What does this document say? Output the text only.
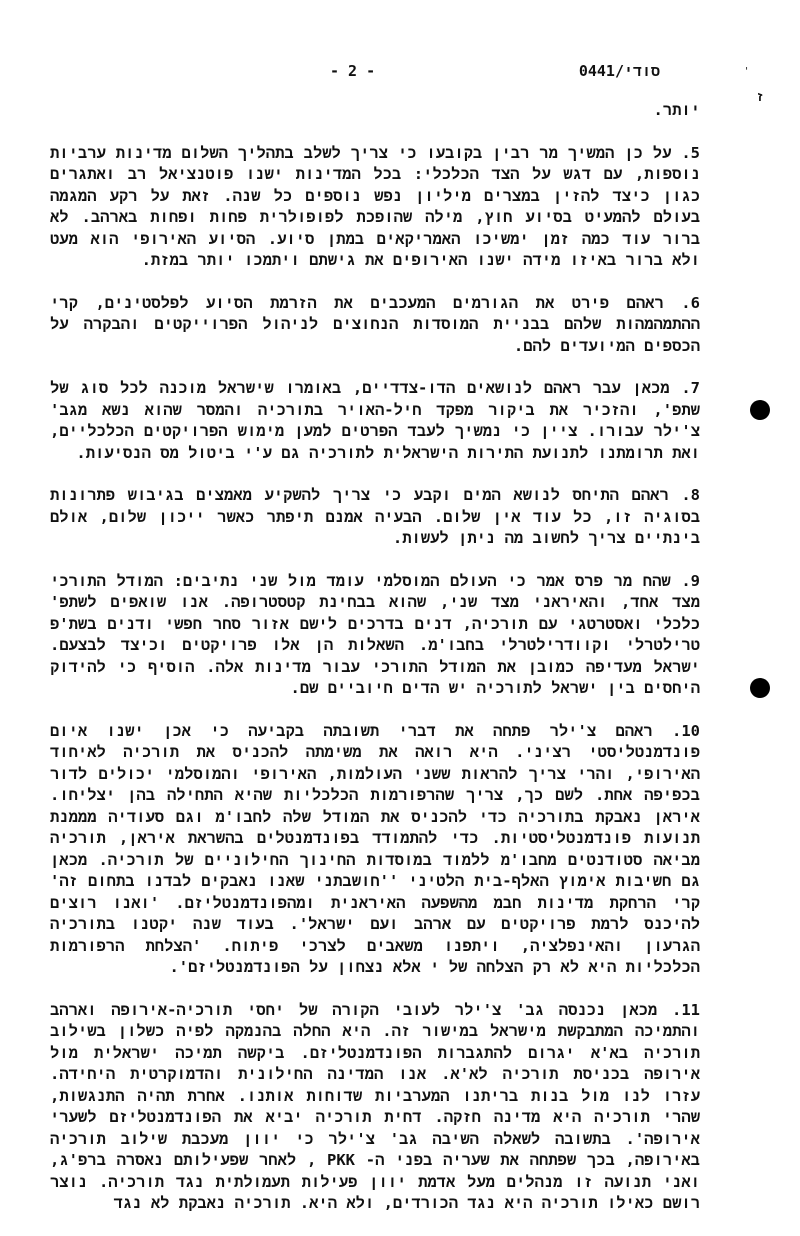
'
סודי/0441
- 2 -
ז

יותר.

5. על כן המשיך מר רבין בקובעו כי צריך לשלב בתהליך השלום מדינות ערביות נוספות, עם דגש על הצד הכלכלי: בכל המדינות ישנו פוטנציאל רב ואתגרים כגון כיצד להזין במצרים מיליון נפש נוספים כל שנה. זאת על רקע המגמה בעולם להמעיט בסיוע חוץ, מילה שהופכת לפופולרית פחות ופחות בארהב. לא ברור עוד כמה זמן ימשיכו האמריקאים במתן סיוע. הסיוע האירופי הוא מעט ולא ברור באיזו מידה ישנו האירופים את גישתם ויתמכו יותר במזת.

6. ראהם פירט את הגורמים המעכבים את הזרמת הסיוע לפלסטינים, קרי ההתמהמהות שלהם בבניית המוסדות הנחוצים לניהול הפרוייקטים והבקרה על הכספים המיועדים להם.

7. מכאן עבר ראהם לנושאים הדו-צדדיים, באומרו שישראל מוכנה לכל סוג של שתפ', והזכיר את ביקור מפקד חיל-האויר בתורכיה והמסר שהוא נשא מגב' צ'ילר עבורו. ציין כי נמשיך לעבד הפרטים למען מימוש הפרויקטים הכלכליים, ואת תרומתנו לתנועת התירות הישראלית לתורכיה גם ע'י ביטול מס הנסיעות.

8. ראהם התיחס לנושא המים וקבע כי צריך להשקיע מאמצים בגיבוש פתרונות בסוגיה זו, כל עוד אין שלום. הבעיה אמנם תיפתר כאשר ייכון שלום, אולם בינתיים צריך לחשוב מה ניתן לעשות.

9. שהח מר פרס אמר כי העולם המוסלמי עומד מול שני נתיבים: המודל התורכי מצד אחד, והאיראני מצד שני, שהוא בבחינת קטסטרופה. אנו שואפים לשתפ' כלכלי ואסטרטגי עם תורכיה, דנים בדרכים לישם אזור סחר חפשי ודנים בשת'פ טרילטרלי וקוודרילטרלי בחבו'מ. השאלות הן אלו פרויקטים וכיצד לבצעם. ישראל מעדיפה כמובן את המודל התורכי עבור מדינות אלה. הוסיף כי להידוק היחסים בין ישראל לתורכיה יש הדים חיוביים שם.

10. ראהם צ'ילר פתחה את דברי תשובתה בקביעה כי אכן ישנו איום פונדמנטליסטי רציני. היא רואה את משימתה להכניס את תורכיה לאיחוד האירופי, והרי צריך להראות ששני העולמות, האירופי והמוסלמי יכולים לדור בכפיפה אחת. לשם כך, צריך שהרפורמות הכלכליות שהיא התחילה בהן יצליחו. איראן נאבקת בתורכיה כדי להכניס את המודל שלה לחבו'מ וגם סעודיה מממנת תנועות פונדמנטליסטיות. כדי להתמודד בפונדמנטלים בהשראת איראן, תורכיה מביאה סטודנטים מחבו'מ ללמוד במוסדות החינוך החילוניים של תורכיה. מכאן גם חשיבות אימוץ האלף-בית הלטיני ''חושבתני שאנו נאבקים לבדנו בתחום זה' קרי הרחקת מדינות חבמ מהשפעה האיראנית ומהפונדמנטליזם. 'ואנו רוצים להיכנס לרמת פרויקטים עם ארהב ועם ישראל'. בעוד שנה יקטנו בתורכיה הגרעון והאינפלציה, ויתפנו משאבים לצרכי פיתוח. 'הצלחת הרפורמות הכלכליות היא לא רק הצלחה של י אלא נצחון על הפונדמנטליזם'.

11. מכאן נכנסה גב' צ'ילר לעובי הקורה של יחסי תורכיה-אירופה וארהב והתמיכה המתבקשת מישראל במישור זה. היא החלה בהנמקה לפיה כשלון בשילוב תורכיה בא'א יגרום להתגברות הפונדמנטליזם. ביקשה תמיכה ישראלית מול אירופה בכניסת תורכיה לא'א. אנו המדינה החילונית והדמוקרטית היחידה. עזרו לנו מול בנות בריתנו המערביות שדוחות אותנו. אחרת תהיה התנגשות, שהרי תורכיה היא מדינה חזקה. דחית תורכיה יביא את הפונדמנטליזם לשערי אירופה'. בתשובה לשאלה השיבה גב' צ'ילר כי יוון מעכבת שילוב תורכיה באירופה, בכך שפתחה את שעריה בפני ה- PKK , לאחר שפעילותם נאסרה ברפ'ג, ואני תנועה זו מנהלים מעל אדמת יוון פעילות תעמולתית נגד תורכיה. נוצר רושם כאילו תורכיה היא נגד הכורדים, ולא היא. תורכיה נאבקת לא נגד
